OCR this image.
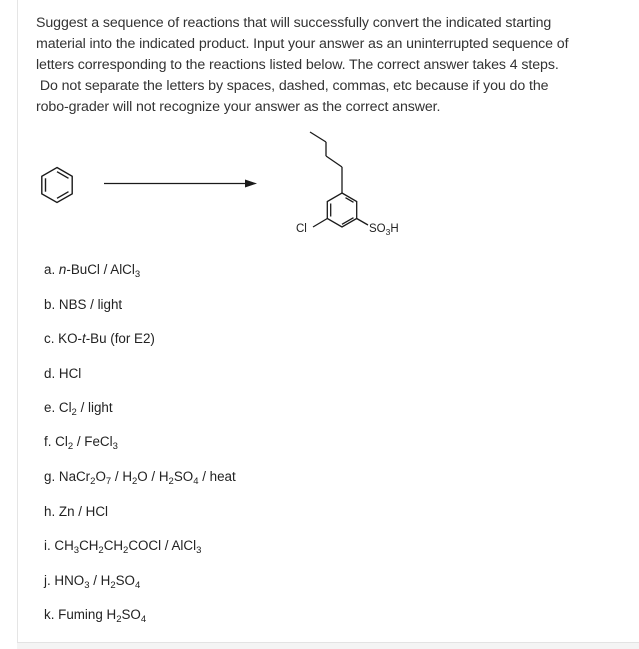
Suggest a sequence of reactions that will successfully convert the indicated starting
material into the indicated product. Input your answer as an uninterrupted sequence of
letters corresponding to the reactions listed below. The correct answer takes 4 steps.
Do not separate the letters by spaces, dashed, commas, etc because if you do the
robo-grader will not recognize your answer as the correct answer.
Cl	$SO_3H$
a. n-BuCl / AlCl$_3$
b. NBS / light
c. KO-t-Bu (for E2)
d. HCl
e. $Cl_2$ / light
f. $Cl_2$ / FeCl$_3$
g. $NaCr_2O_7 / H_2O / H_2SO_4$ / heat
h. Zn / HCl
i. $CH_3CH_2CH_2COCl$ / AlCl$_3$
j. $HNO_3 / H_2SO_4$
k. Fuming $H_2SO_4$
